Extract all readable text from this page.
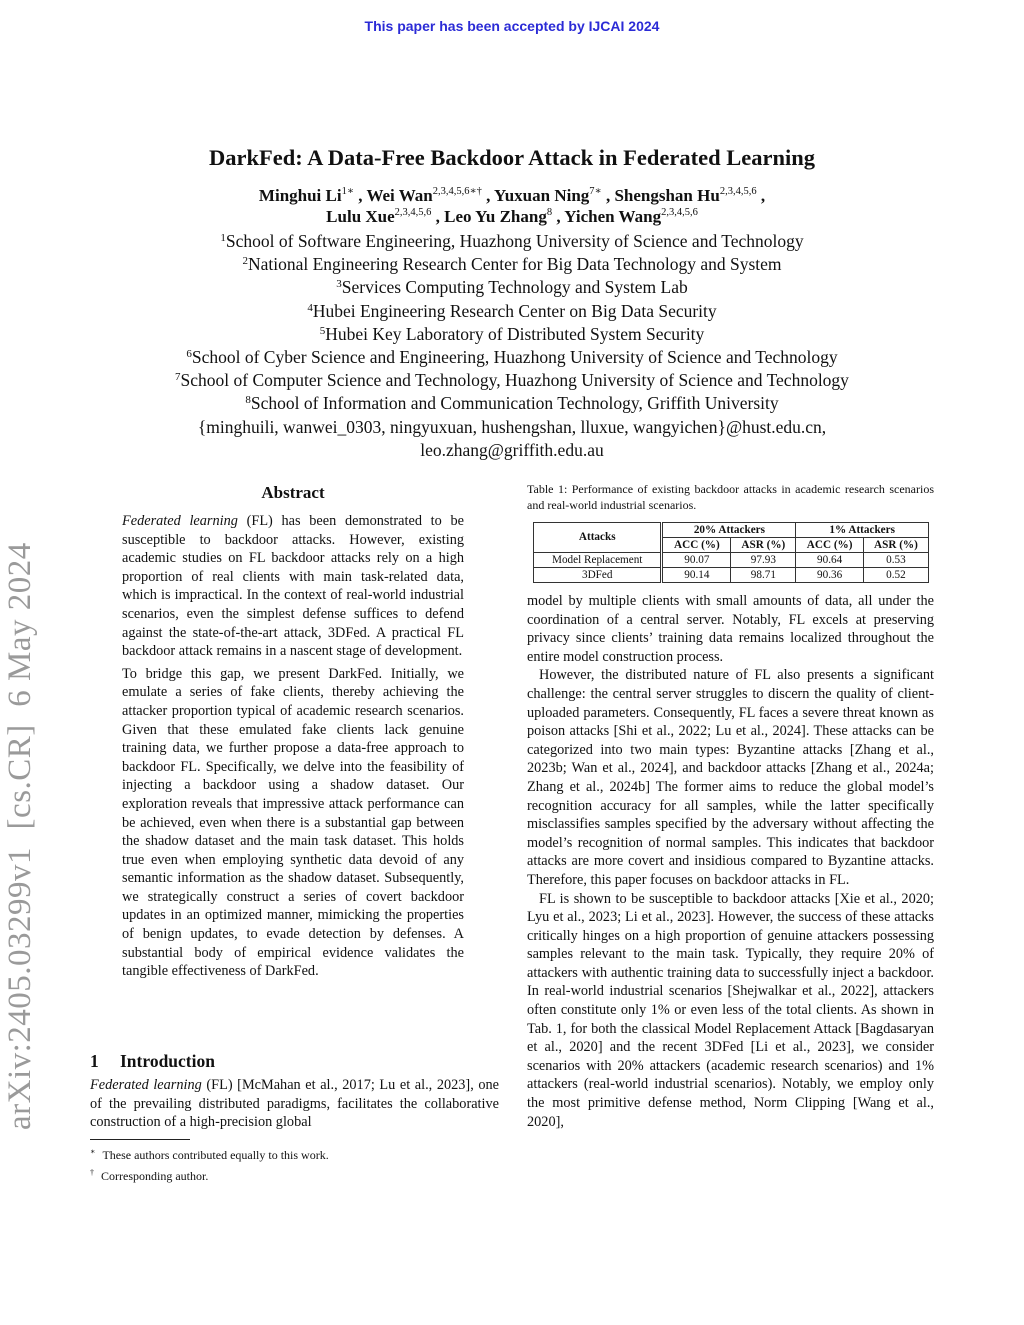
This paper has been accepted by IJCAI 2024
arXiv:2405.03299v1  [cs.CR]  6 May 2024
DarkFed: A Data-Free Backdoor Attack in Federated Learning
Minghui $Li^{1∗}$ , Wei Wan$^{2,3,4,5,6∗\dagger}$ , Yuxuan Ning$^{7∗}$ , Shengshan Hu$^{2,3,4,5,6}$ ,
Lulu Xue$^{2,3,4,5,6}$ , Leo Yu Zhang$^8$ , Yichen Wang$^{2,3,4,5,6}$
$^1$School of Software Engineering, Huazhong University of Science and Technology
$^2$National Engineering Research Center for Big Data Technology and System
$^3$Services Computing Technology and System Lab
$^4$Hubei Engineering Research Center on Big Data Security
$^5$Hubei Key Laboratory of Distributed System Security
$^6$School of Cyber Science and Engineering, Huazhong University of Science and Technology
$^7$School of Computer Science and Technology, Huazhong University of Science and Technology
$^8$School of Information and Communication Technology, Griffith University
{minghuili, wanwei_0303, ningyuxuan, hushengshan, lluxue, wangyichen}@hust.edu.cn,
leo.zhang@griffith.edu.au
Abstract

Federated learning (FL) has been demonstrated to be susceptible to backdoor attacks. However, existing academic studies on FL backdoor attacks rely on a high proportion of real clients with main task-related data, which is impractical. In the context of real-world industrial scenarios, even the simplest defense suffices to defend against the state-of-the-art attack, 3DFed. A practical FL backdoor attack remains in a nascent stage of development.

To bridge this gap, we present DarkFed. Initially, we emulate a series of fake clients, thereby achieving the attacker proportion typical of academic research scenarios. Given that these emulated fake clients lack genuine training data, we further propose a data-free approach to backdoor FL. Specifically, we delve into the feasibility of injecting a backdoor using a shadow dataset. Our exploration reveals that impressive attack performance can be achieved, even when there is a substantial gap between the shadow dataset and the main task dataset. This holds true even when employing synthetic data devoid of any semantic information as the shadow dataset. Subsequently, we strategically construct a series of covert backdoor updates in an optimized manner, mimicking the properties of benign updates, to evade detection by defenses. A substantial body of empirical evidence validates the tangible effectiveness of DarkFed.

1 Introduction

Federated learning (FL) [McMahan et al., 2017; Lu et al., 2023], one of the prevailing distributed paradigms, facilitates the collaborative construction of a high-precision global

∗ These authors contributed equally to this work.
† Corresponding author.
Table 1: Performance of existing backdoor attacks in academic research scenarios and real-world industrial scenarios.
Attacks	20% Attackers		1% Attackers	
	ACC (%)	ASR (%)	ACC (%)	ASR (%)
Model Replacement	90.07	97.93	90.64	0.53
3DFed	90.14	98.71	90.36	0.52

model by multiple clients with small amounts of data, all under the coordination of a central server. Notably, FL excels at preserving privacy since clients’ training data remains localized throughout the entire model construction process.

However, the distributed nature of FL also presents a significant challenge: the central server struggles to discern the quality of client-uploaded parameters. Consequently, FL faces a severe threat known as poison attacks [Shi et al., 2022; Lu et al., 2024]. These attacks can be categorized into two main types: Byzantine attacks [Zhang et al., 2023b; Wan et al., 2024], and backdoor attacks [Zhang et al., 2024a; Zhang et al., 2024b] The former aims to reduce the global model’s recognition accuracy for all samples, while the latter specifically misclassifies samples specified by the adversary without affecting the model’s recognition of normal samples. This indicates that backdoor attacks are more covert and insidious compared to Byzantine attacks. Therefore, this paper focuses on backdoor attacks in FL.

FL is shown to be susceptible to backdoor attacks [Xie et al., 2020; Lyu et al., 2023; Li et al., 2023]. However, the success of these attacks critically hinges on a high proportion of genuine attackers possessing samples relevant to the main task. Typically, they require 20% of attackers with authentic training data to successfully inject a backdoor. In real-world industrial scenarios [Shejwalkar et al., 2022], attackers often constitute only 1% or even less of the total clients. As shown in Tab. 1, for both the classical Model Replacement Attack [Bagdasaryan et al., 2020] and the recent 3DFed [Li et al., 2023], we consider scenarios with 20% attackers (academic research scenarios) and 1% attackers (real-world industrial scenarios). Notably, we employ only the most primitive defense method, Norm Clipping [Wang et al., 2020],
